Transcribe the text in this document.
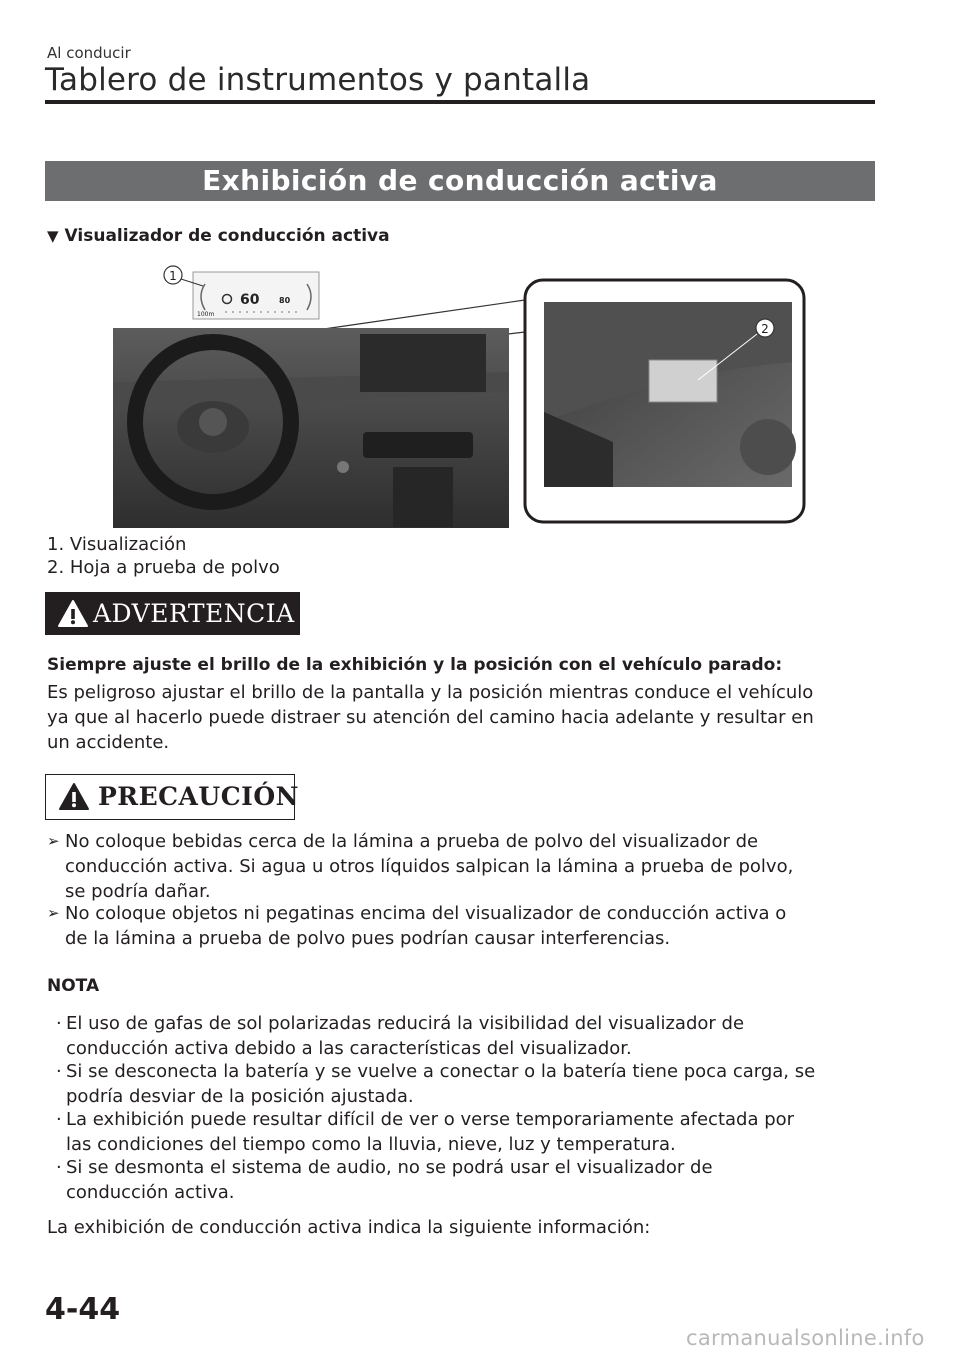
Al conducir
Tablero de instrumentos y pantalla
Exhibición de conducción activa
▼ Visualizador de conducción activa
60 80
100m
1
2
1. Visualización
2. Hoja a prueba de polvo
ADVERTENCIA
Siempre ajuste el brillo de la exhibición y la posición con el vehículo parado:
Es peligroso ajustar el brillo de la pantalla y la posición mientras conduce el vehículo
ya que al hacerlo puede distraer su atención del camino hacia adelante y resultar en
un accidente.
PRECAUCIÓN
➢ No coloque bebidas cerca de la lámina a prueba de polvo del visualizador de
conducción activa. Si agua u otros líquidos salpican la lámina a prueba de polvo,
se podría dañar.
➢ No coloque objetos ni pegatinas encima del visualizador de conducción activa o
de la lámina a prueba de polvo pues podrían causar interferencias.
NOTA
· El uso de gafas de sol polarizadas reducirá la visibilidad del visualizador de
conducción activa debido a las características del visualizador.
· Si se desconecta la batería y se vuelve a conectar o la batería tiene poca carga, se
podría desviar de la posición ajustada.
· La exhibición puede resultar difícil de ver o verse temporariamente afectada por
las condiciones del tiempo como la lluvia, nieve, luz y temperatura.
· Si se desmonta el sistema de audio, no se podrá usar el visualizador de
conducción activa.
La exhibición de conducción activa indica la siguiente información:
4-44
carmanualsonline.info
